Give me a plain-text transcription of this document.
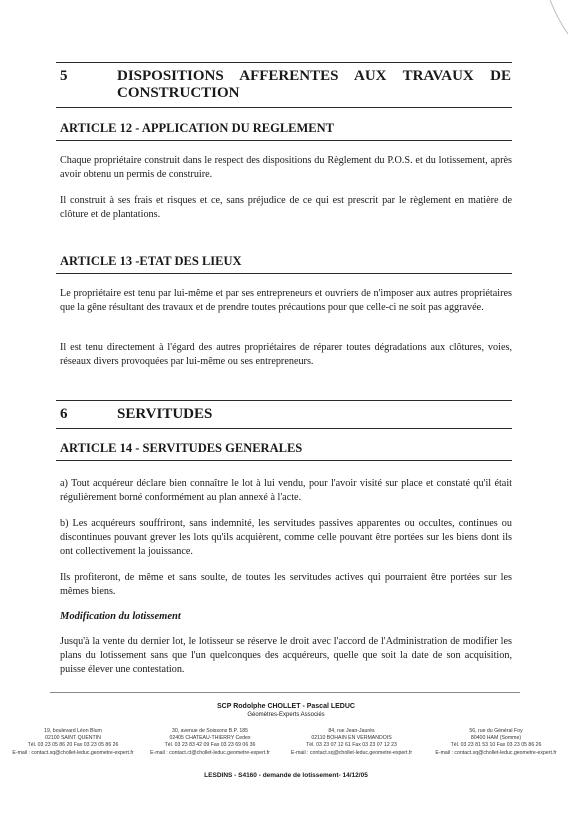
5	DISPOSITIONS AFFERENTES AUX TRAVAUX DE CONSTRUCTION
ARTICLE 12 - APPLICATION DU REGLEMENT
Chaque propriétaire construit dans le respect des dispositions du Règlement du P.O.S. et du lotissement, après avoir obtenu un permis de construire.
Il construit à ses frais et risques et ce, sans préjudice de ce qui est prescrit par le règlement en matière de clôture et de plantations.
ARTICLE 13 -ETAT DES LIEUX
Le propriétaire est tenu par lui-même et par ses entrepreneurs et ouvriers de n'imposer aux autres propriétaires que la gêne résultant des travaux et de prendre toutes précautions pour que celle-ci ne soit pas aggravée.
Il est tenu directement à l'égard des autres propriétaires de réparer toutes dégradations aux clôtures, voies, réseaux divers provoquées par lui-même ou ses entrepreneurs.
6	SERVITUDES
ARTICLE 14 - SERVITUDES GENERALES
a) Tout acquéreur déclare bien connaître le lot à lui vendu, pour l'avoir visité sur place et constaté qu'il était régulièrement borné conformément au plan annexé à l'acte.
b) Les acquéreurs souffriront, sans indemnité, les servitudes passives apparentes ou occultes, continues ou discontinues pouvant grever les lots qu'ils acquièrent, comme celle pouvant être portées sur les biens dont ils ont collectivement la jouissance.
Ils profiteront, de même et sans soulte, de toutes les servitudes actives qui pourraient être portées sur les mêmes biens.
Modification du lotissement
Jusqu'à la vente du dernier lot, le lotisseur se réserve le droit avec l'accord de l'Administration de modifier les plans du lotissement sans que l'un quelconques des acquéreurs, quelle que soit la date de son acquisition, puisse élever une contestation.
SCP Rodolphe CHOLLET - Pascal LEDUC
Géomètres-Experts Associés
19, boulevard Léon Blum
02100 SAINT QUENTIN
Tél. 03 23 05 86 20 Fax 03 23 05 86 26
E-mail : contact.sq@chollet-leduc.geometre-expert.fr
30, avenue de Soissons B.P. 185
02405 CHATEAU-THIERRY Cedex
Tél. 03 23 83 42 09 Fax 03 23 69 06 36
E-mail : contact.ct@chollet-leduc.geometre-expert.fr
84, rue Jean-Jaurès
02110 BOHAIN EN VERMANDOIS
Tél. 03 23 07 12 61 Fax 03 23 07 12 23
E-mail : contact.sq@chollet-leduc.geometre-expert.fr
56, rue du Général Foy
80400 HAM (Somme)
Tél. 03 23 81 53 10 Fax 03 23 05 86 26
E-mail : contact.sq@chollet-leduc.geometre-expert.fr
LESDINS - S4160 - demande de lotissement- 14/12/05
